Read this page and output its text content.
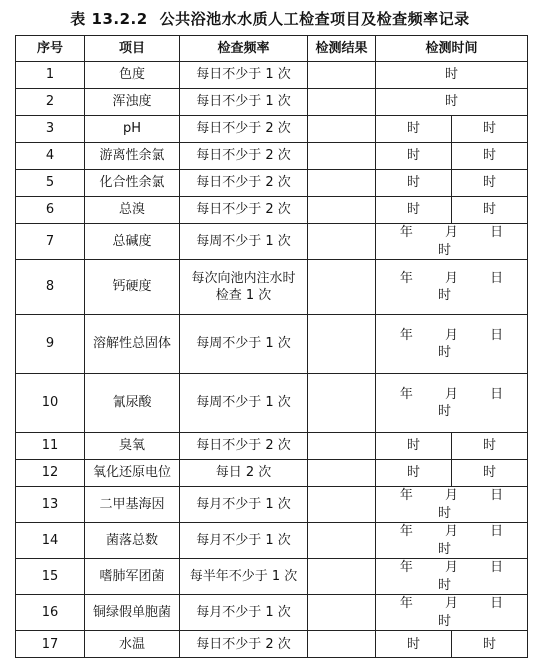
表 13.2.2 公共浴池水水质人工检查项目及检查频率记录
序号	项目	检查频率	检测结果	检测时间
1	色度	每日不少于 1 次		时
2	浑浊度	每日不少于 1 次		时
3	pH	每日不少于 2 次		时 时

4	游离性余氯	每日不少于 2 次		时 时

5	化合性余氯	每日不少于 2 次		时 时

6	总溴	每日不少于 2 次		时 时

7	总碱度	每周不少于 1 次		年 月 日 时
8	钙硬度	每次向池内注水时检查 1 次		年 月 日 时
9	溶解性总固体	每周不少于 1 次		年 月 日 时
10	氰尿酸	每周不少于 1 次		年 月 日 时
11	臭氧	每日不少于 2 次		时 时

12	氧化还原电位	每日 2 次		时 时

13	二甲基海因	每月不少于 1 次		年 月 日 时
14	菌落总数	每月不少于 1 次		年 月 日 时
15	嗜肺军团菌	每半年不少于 1 次		年 月 日 时
16	铜绿假单胞菌	每月不少于 1 次		年 月 日 时
17	水温	每日不少于 2 次		时 时
